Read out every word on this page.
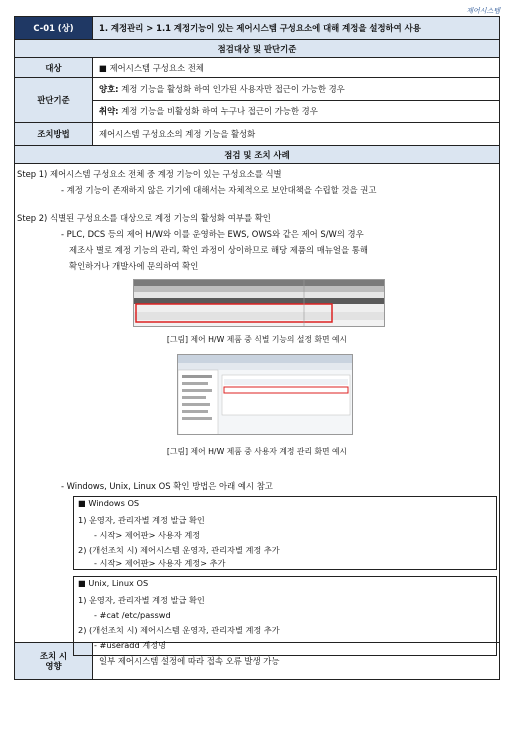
제어시스템
C-01 (상)	1. 계정관리 > 1.1 계정기능이 있는 제어시스템 구성요소에 대해 계정을 설정하여 사용
점검대상 및 판단기준
대상	■ 제어시스템 구성요소 전체
판단기준
양호: 계정 기능을 활성화 하여 인가된 사용자만 접근이 가능한 경우
취약: 계정 기능을 비활성화 하여 누구나 접근이 가능한 경우
조치방법	제어시스템 구성요소의 계정 기능을 활성화
점검 및 조치 사례
Step 1) 제어시스템 구성요소 전체 중 계정 기능이 있는 구성요소를 식별
- 계정 기능이 존재하지 않은 기기에 대해서는 자체적으로 보안대책을 수립할 것을 권고
Step 2) 식별된 구성요소를 대상으로 계정 기능의 활성화 여부를 확인
- PLC, DCS 등의 제어 H/W와 이를 운영하는 EWS, OWS와 같은 제어 S/W의 경우
제조사 별로 계정 기능의 관리, 확인 과정이 상이하므로 해당 제품의 매뉴얼을 통해
확인하거나 개발사에 문의하여 확인
[그림] 제어 H/W 제품 중 식별 기능의 설정 화면 예시
[그림] 제어 H/W 제품 중 사용자 계정 관리 화면 예시
- Windows, Unix, Linux OS 확인 방법은 아래 예시 참고
■ Windows OS
1) 운영자, 관리자별 계정 발급 확인
- 시작> 제어판> 사용자 계정
2) (개선조치 시) 제어시스템 운영자, 관리자별 계정 추가
- 시작> 제어판> 사용자 계정> 추가
■ Unix, Linux OS
1) 운영자, 관리자별 계정 발급 확인
- #cat /etc/passwd
2) (개선조치 시) 제어시스템 운영자, 관리자별 계정 추가
- #useradd 계정명
조치 시
영향	일부 제어시스템 설정에 따라 접속 오류 발생 가능
